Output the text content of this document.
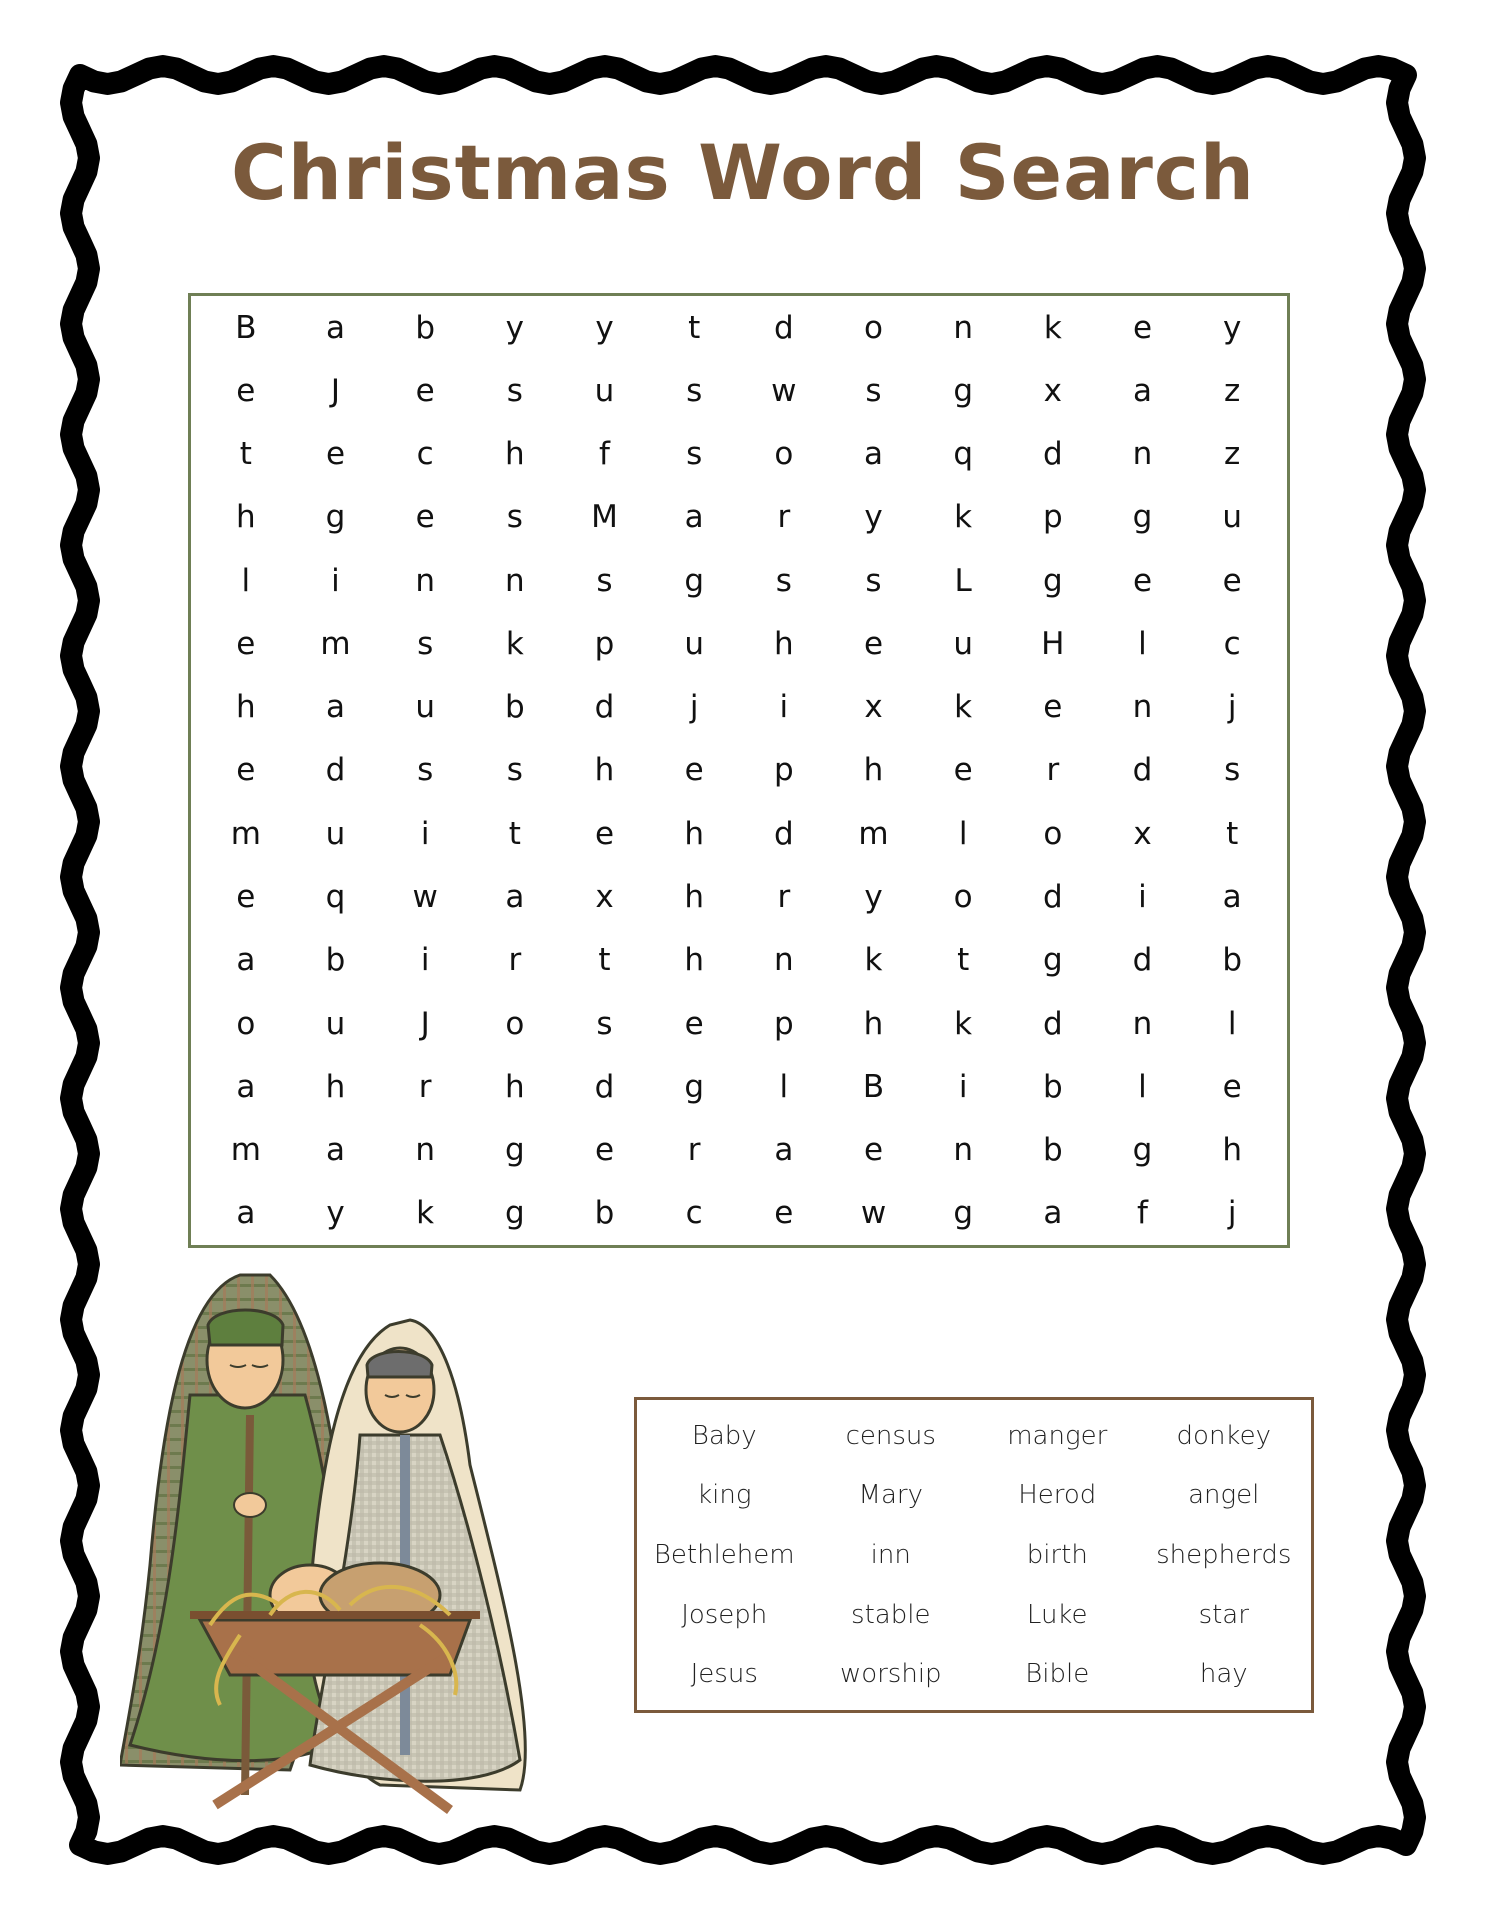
Christmas Word Search
B	a	b	y	y	t	d	o	n	k	e	y
e	J	e	s	u	s	w	s	g	x	a	z
t	e	c	h	f	s	o	a	q	d	n	z
h	g	e	s	M	a	r	y	k	p	g	u
l	i	n	n	s	g	s	s	L	g	e	e
e	m	s	k	p	u	h	e	u	H	l	c
h	a	u	b	d	j	i	x	k	e	n	j
e	d	s	s	h	e	p	h	e	r	d	s
m	u	i	t	e	h	d	m	l	o	x	t
e	q	w	a	x	h	r	y	o	d	i	a
a	b	i	r	t	h	n	k	t	g	d	b
o	u	J	o	s	e	p	h	k	d	n	l
a	h	r	h	d	g	l	B	i	b	l	e
m	a	n	g	e	r	a	e	n	b	g	h
a	y	k	g	b	c	e	w	g	a	f	j
Baby	census	manger	donkey
king	Mary	Herod	angel
Bethlehem	inn	birth	shepherds
Joseph	stable	Luke	star
Jesus	worship	Bible	hay
